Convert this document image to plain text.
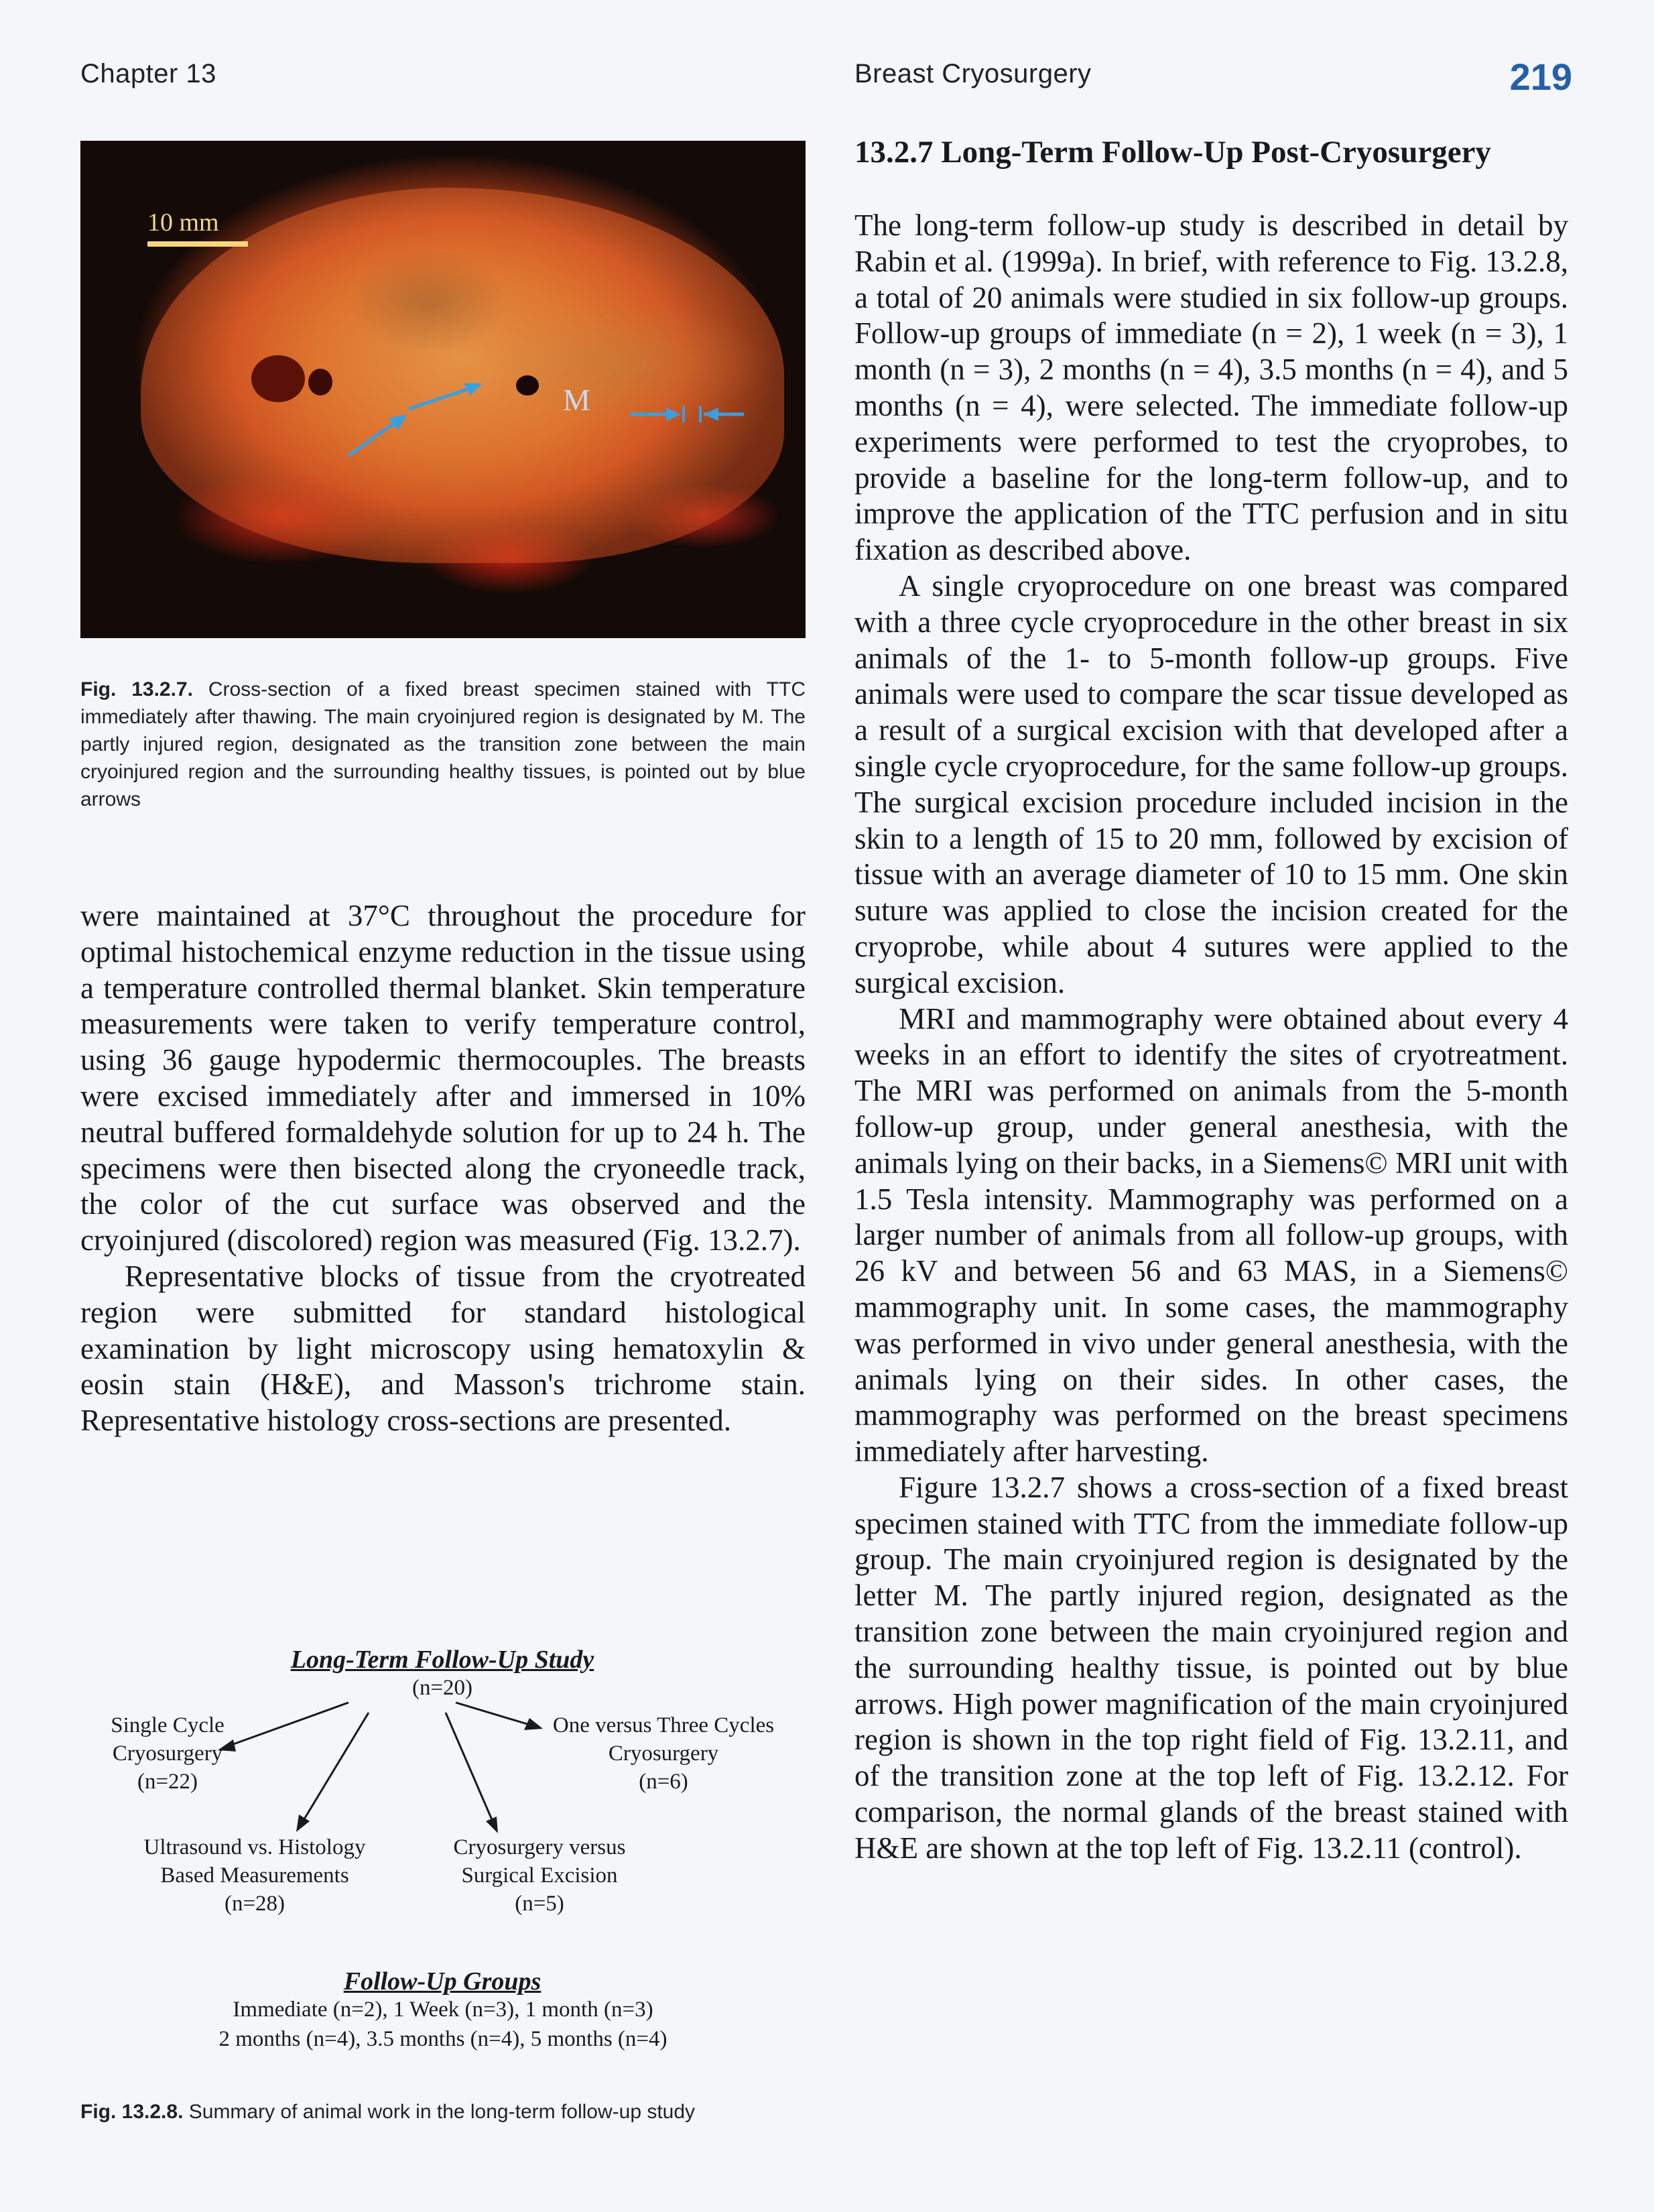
Chapter 13	Breast Cryosurgery	219
10 mm
M
Fig. 13.2.7. Cross-section of a fixed breast specimen stained with TTC immediately after thawing. The main cryoinjured region is designated by M. The partly injured region, designated as the transition zone between the main cryoinjured region and the surrounding healthy tissues, is pointed out by blue arrows

were maintained at 37°C throughout the procedure for optimal histochemical enzyme reduction in the tissue using a temperature controlled thermal blanket. Skin temperature measurements were taken to verify temperature control, using 36 gauge hypodermic thermocouples. The breasts were excised immediately after and immersed in 10% neutral buffered formaldehyde solution for up to 24 h. The specimens were then bisected along the cryoneedle track, the color of the cut surface was observed and the cryoinjured (discolored) region was measured (Fig. 13.2.7).

Representative blocks of tissue from the cryotreated region were submitted for standard histological examination by light microscopy using hematoxylin & eosin stain (H&E), and Masson's trichrome stain. Representative histology cross-sections are presented.

Long-Term Follow-Up Study
(n=20)
Single Cycle
Cryosurgery
(n=22)
One versus Three Cycles
Cryosurgery
(n=6)
Ultrasound vs. Histology
Based Measurements
(n=28)
Cryosurgery versus
Surgical Excision
(n=5)
Follow-Up Groups
Immediate (n=2), 1 Week (n=3), 1 month (n=3)
2 months (n=4), 3.5 months (n=4), 5 months (n=4)
Fig. 13.2.8. Summary of animal work in the long-term follow-up study
13.2.7 Long-Term Follow-Up Post-Cryosurgery

The long-term follow-up study is described in detail by Rabin et al. (1999a). In brief, with reference to Fig. 13.2.8, a total of 20 animals were studied in six follow-up groups. Follow-up groups of immediate (n = 2), 1 week (n = 3), 1 month (n = 3), 2 months (n = 4), 3.5 months (n = 4), and 5 months (n = 4), were selected. The immediate follow-up experiments were performed to test the cryoprobes, to provide a baseline for the long-term follow-up, and to improve the application of the TTC perfusion and in situ fixation as described above.

A single cryoprocedure on one breast was compared with a three cycle cryoprocedure in the other breast in six animals of the 1- to 5-month follow-up groups. Five animals were used to compare the scar tissue developed as a result of a surgical excision with that developed after a single cycle cryoprocedure, for the same follow-up groups. The surgical excision procedure included incision in the skin to a length of 15 to 20 mm, followed by excision of tissue with an average diameter of 10 to 15 mm. One skin suture was applied to close the incision created for the cryoprobe, while about 4 sutures were applied to the surgical excision.

MRI and mammography were obtained about every 4 weeks in an effort to identify the sites of cryotreatment. The MRI was performed on animals from the 5-month follow-up group, under general anesthesia, with the animals lying on their backs, in a Siemens© MRI unit with 1.5 Tesla intensity. Mammography was performed on a larger number of animals from all follow-up groups, with 26 kV and between 56 and 63 MAS, in a Siemens© mammography unit. In some cases, the mammography was performed in vivo under general anesthesia, with the animals lying on their sides. In other cases, the mammography was performed on the breast specimens immediately after harvesting.

Figure 13.2.7 shows a cross-section of a fixed breast specimen stained with TTC from the immediate follow-up group. The main cryoinjured region is designated by the letter M. The partly injured region, designated as the transition zone between the main cryoinjured region and the surrounding healthy tissue, is pointed out by blue arrows. High power magnification of the main cryoinjured region is shown in the top right field of Fig. 13.2.11, and of the transition zone at the top left of Fig. 13.2.12. For comparison, the normal glands of the breast stained with H&E are shown at the top left of Fig. 13.2.11 (control).
